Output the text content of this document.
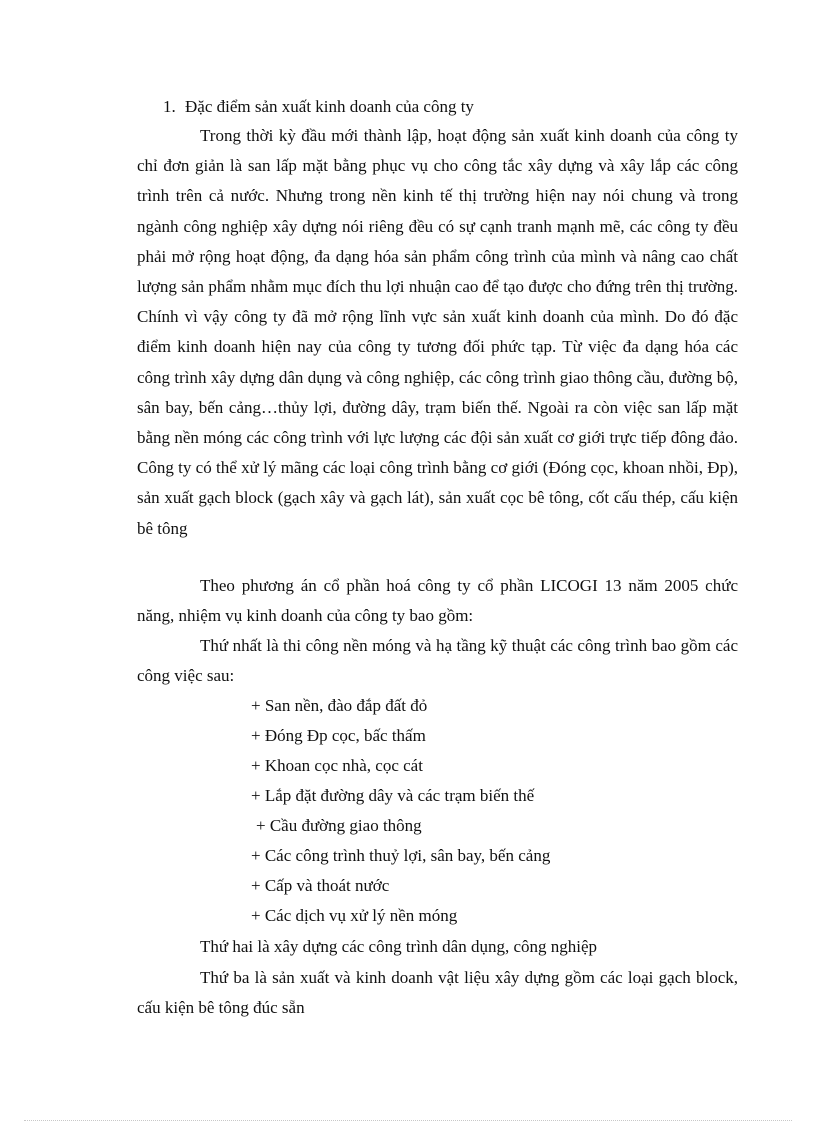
1. Đặc điểm sản xuất kinh doanh của công ty

Trong thời kỳ đầu mới thành lập, hoạt động sản xuất kinh doanh của công ty chỉ đơn giản là san lấp mặt bằng phục vụ cho công tắc xây dựng và xây lắp các công trình trên cả nước. Nhưng trong nền kinh tế thị trường hiện nay nói chung và trong ngành công nghiệp xây dựng nói riêng đều có sự cạnh tranh mạnh mẽ, các công ty đều phải mở rộng hoạt động, đa dạng hóa sản phẩm công trình của mình và nâng cao chất lượng sản phẩm nhằm mục đích thu lợi nhuận cao để tạo được cho đứng trên thị trường. Chính vì vậy công ty đã mở rộng lĩnh vực sản xuất kinh doanh của mình. Do đó đặc điểm kinh doanh hiện nay của công ty tương đối phức tạp. Từ việc đa dạng hóa các công trình xây dựng dân dụng và công nghiệp, các công trình giao thông cầu, đường bộ, sân bay, bến cảng…thủy lợi, đường dây, trạm biến thế. Ngoài ra còn việc san lấp mặt bằng nền móng các công trình với lực lượng các đội sản xuất cơ giới trực tiếp đông đảo. Công ty có thể xử lý mãng các loại công trình bằng cơ giới (Đóng cọc, khoan nhồi, Đp), sản xuất gạch block (gạch xây và gạch lát), sản xuất cọc bê tông, cốt cấu thép, cấu kiện bê tông

Theo phương án cổ phần hoá công ty cổ phần LICOGI 13 năm 2005 chức năng, nhiệm vụ kinh doanh của công ty bao gồm:

Thứ nhất là thi công nền móng và hạ tầng kỹ thuật các công trình bao gồm các công việc sau:

+ San nền, đào đắp đất đỏ
+ Đóng Đp cọc, bấc thấm
+ Khoan cọc nhà, cọc cát
+ Lắp đặt đường dây và các trạm biến thế
+ Cầu đường giao thông
+ Các công trình thuỷ lợi, sân bay, bến cảng
+ Cấp và thoát nước
+ Các dịch vụ xử lý nền móng
Thứ hai là xây dựng các công trình dân dụng, công nghiệp

Thứ ba là sản xuất và kinh doanh vật liệu xây dựng gồm các loại gạch block, cấu kiện bê tông đúc sẵn
